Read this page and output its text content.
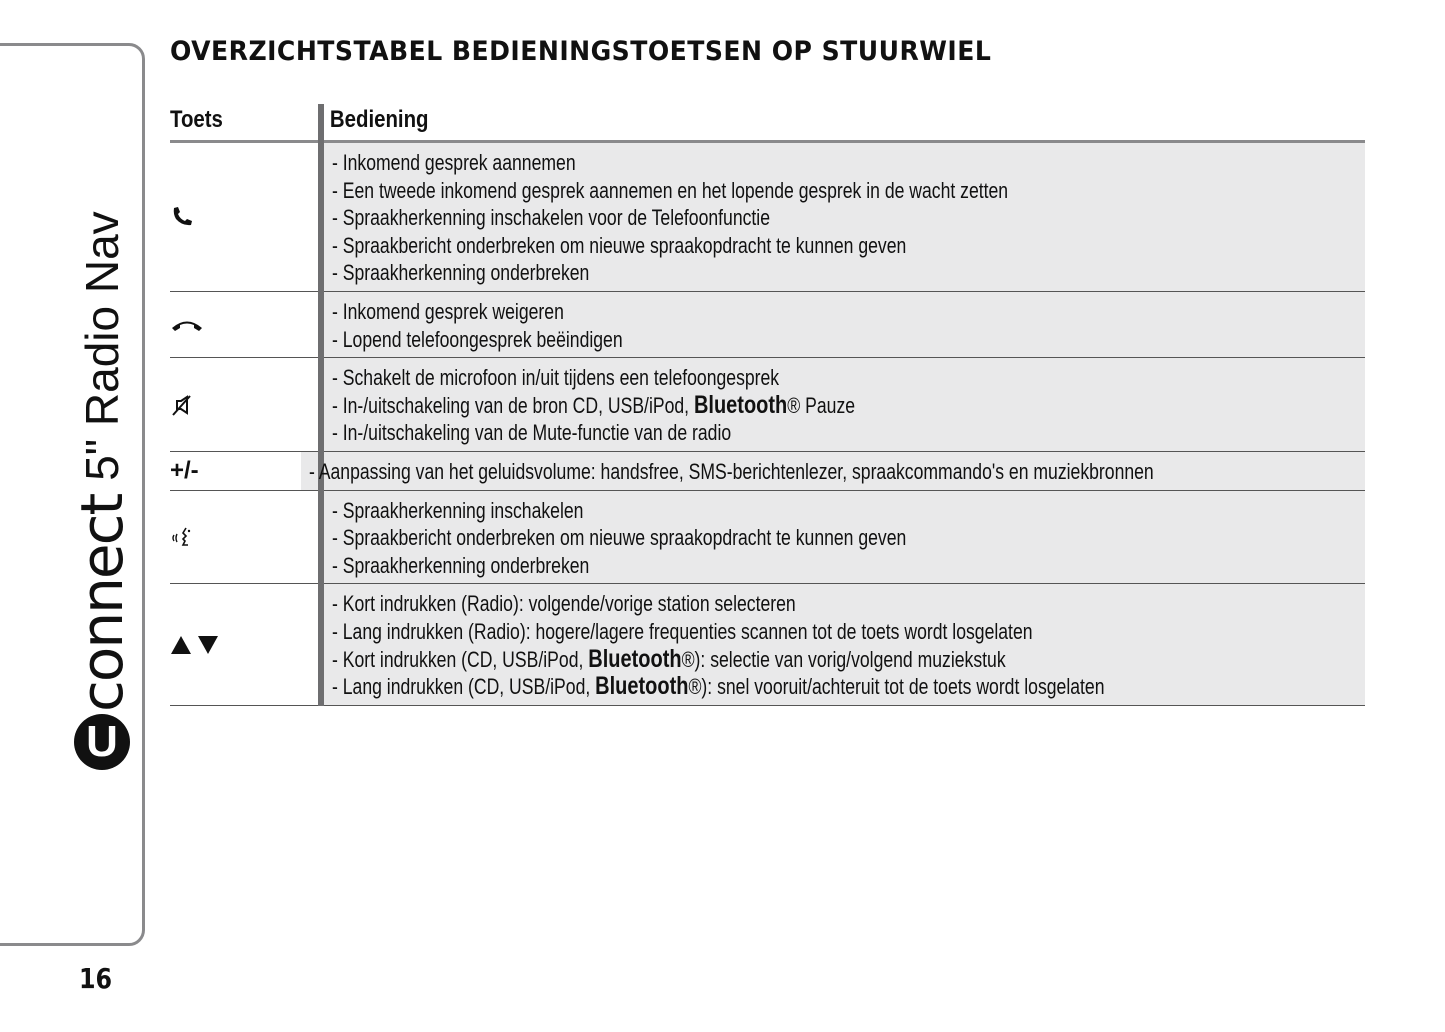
U
connect
5" Radio Nav
16
OVERZICHTSTABEL BEDIENINGSTOETSEN OP STUURWIEL
Toets	Bediening
- Inkomend gesprek aannemen
- Een tweede inkomend gesprek aannemen en het lopende gesprek in de wacht zetten
- Spraakherkenning inschakelen voor de Telefoonfunctie
- Spraakbericht onderbreken om nieuwe spraakopdracht te kunnen geven
- Spraakherkenning onderbreken
- Inkomend gesprek weigeren
- Lopend telefoongesprek beëindigen
- Schakelt de microfoon in/uit tijdens een telefoongesprek
- In-/uitschakeling van de bron CD, USB/iPod, Bluetooth® Pauze
- In-/uitschakeling van de Mute-functie van de radio
+/-	- Aanpassing van het geluidsvolume: handsfree, SMS-berichtenlezer, spraakcommando's en muziekbronnen
- Spraakherkenning inschakelen
- Spraakbericht onderbreken om nieuwe spraakopdracht te kunnen geven
- Spraakherkenning onderbreken
- Kort indrukken (Radio): volgende/vorige station selecteren
- Lang indrukken (Radio): hogere/lagere frequenties scannen tot de toets wordt losgelaten
- Kort indrukken (CD, USB/iPod, Bluetooth®): selectie van vorig/volgend muziekstuk
- Lang indrukken (CD, USB/iPod, Bluetooth®): snel vooruit/achteruit tot de toets wordt losgelaten
